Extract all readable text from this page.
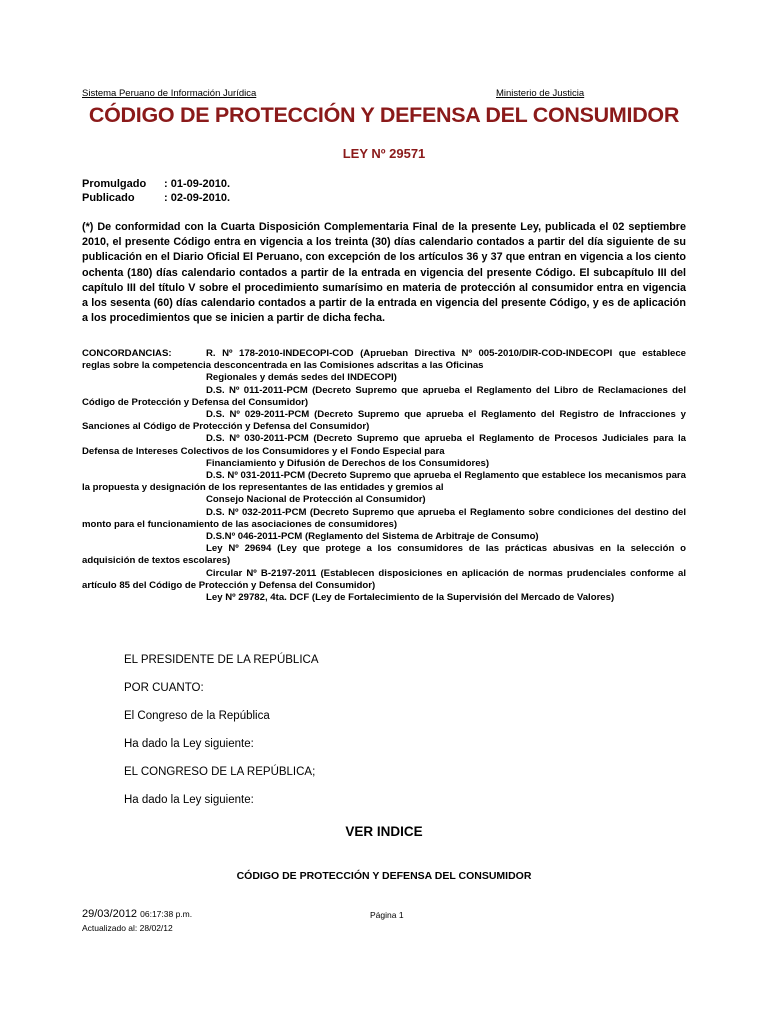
Sistema Peruano de Información Jurídica	Ministerio de Justicia
CÓDIGO DE PROTECCIÓN Y DEFENSA DEL CONSUMIDOR
LEY Nº 29571
Promulgado : 01-09-2010.
Publicado	: 02-09-2010.
(*) De conformidad con la Cuarta Disposición Complementaria Final de la presente Ley, publicada el 02 septiembre 2010, el presente Código entra en vigencia a los treinta (30) días calendario contados a partir del día siguiente de su publicación en el Diario Oficial El Peruano, con excepción de los artículos 36 y 37 que entran en vigencia a los ciento ochenta (180) días calendario contados a partir de la entrada en vigencia del presente Código. El subcapítulo III del capítulo III del título V sobre el procedimiento sumarísimo en materia de protección al consumidor entra en vigencia a los sesenta (60) días calendario contados a partir de la entrada en vigencia del presente Código, y es de aplicación a los procedimientos que se inicien a partir de dicha fecha.
CONCORDANCIAS:	R. Nº 178-2010-INDECOPI-COD (Aprueban Directiva Nº 005-2010/DIR-COD-INDECOPI que establece reglas sobre la competencia desconcentrada en las Comisiones adscritas a las Oficinas
Regionales y demás sedes del INDECOPI)
D.S. Nº 011-2011-PCM (Decreto Supremo que aprueba el Reglamento del Libro de Reclamaciones del Código de Protección y Defensa del Consumidor)
D.S. Nº 029-2011-PCM (Decreto Supremo que aprueba el Reglamento del Registro de Infracciones y Sanciones al Código de Protección y Defensa del Consumidor)
D.S. Nº 030-2011-PCM (Decreto Supremo que aprueba el Reglamento de Procesos Judiciales para la Defensa de Intereses Colectivos de los Consumidores y el Fondo Especial para
Financiamiento y Difusión de Derechos de los Consumidores)
D.S. Nº 031-2011-PCM (Decreto Supremo que aprueba el Reglamento que establece los mecanismos para la propuesta y designación de los representantes de las entidades y gremios al
Consejo Nacional de Protección al Consumidor)
D.S. Nº 032-2011-PCM (Decreto Supremo que aprueba el Reglamento sobre condiciones del destino del monto para el funcionamiento de las asociaciones de consumidores)
D.S.Nº 046-2011-PCM (Reglamento del Sistema de Arbitraje de Consumo)
Ley Nº 29694 (Ley que protege a los consumidores de las prácticas abusivas en la selección o adquisición de textos escolares)
Circular Nº B-2197-2011 (Establecen disposiciones en aplicación de normas prudenciales conforme al artículo 85 del Código de Protección y Defensa del Consumidor)
Ley Nº 29782, 4ta. DCF (Ley de Fortalecimiento de la Supervisión del Mercado de Valores)
EL PRESIDENTE DE LA REPÚBLICA
POR CUANTO:
El Congreso de la República
Ha dado la Ley siguiente:
EL CONGRESO DE LA REPÚBLICA;
Ha dado la Ley siguiente:
VER INDICE
CÓDIGO DE PROTECCIÓN Y DEFENSA DEL CONSUMIDOR
29/03/2012 06:17:38 p.m.	Página 1
Actualizado al: 28/02/12
